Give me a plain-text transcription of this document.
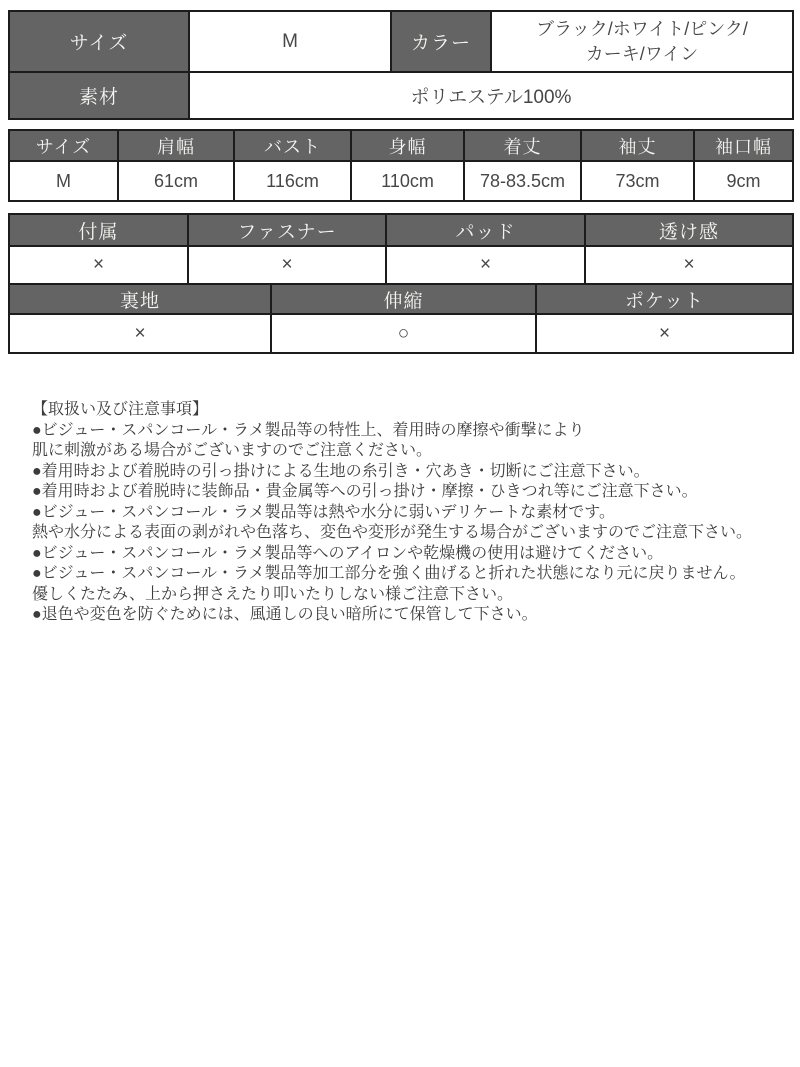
サイズ	M	カラー	ブラック/ホワイト/ピンク/
カーキ/ワイン

素材	ポリエステル100%		
サイズ	肩幅	バスト	身幅	着丈	袖丈	袖口幅
M	61cm	116cm	110cm	78-83.5cm	73cm	9cm
付属	ファスナー	パッド	透け感
×	×	×	×
裏地	伸縮	ポケット
×	○	×
【取扱い及び注意事項】
●ビジュー・スパンコール・ラメ製品等の特性上、着用時の摩擦や衝撃により
肌に刺激がある場合がございますのでご注意ください。
●着用時および着脱時の引っ掛けによる生地の糸引き・穴あき・切断にご注意下さい。
●着用時および着脱時に装飾品・貴金属等への引っ掛け・摩擦・ひきつれ等にご注意下さい。
●ビジュー・スパンコール・ラメ製品等は熱や水分に弱いデリケートな素材です。
熱や水分による表面の剥がれや色落ち、変色や変形が発生する場合がございますのでご注意下さい。
●ビジュー・スパンコール・ラメ製品等へのアイロンや乾燥機の使用は避けてください。
●ビジュー・スパンコール・ラメ製品等加工部分を強く曲げると折れた状態になり元に戻りません。
優しくたたみ、上から押さえたり叩いたりしない様ご注意下さい。
●退色や変色を防ぐためには、風通しの良い暗所にて保管して下さい。
